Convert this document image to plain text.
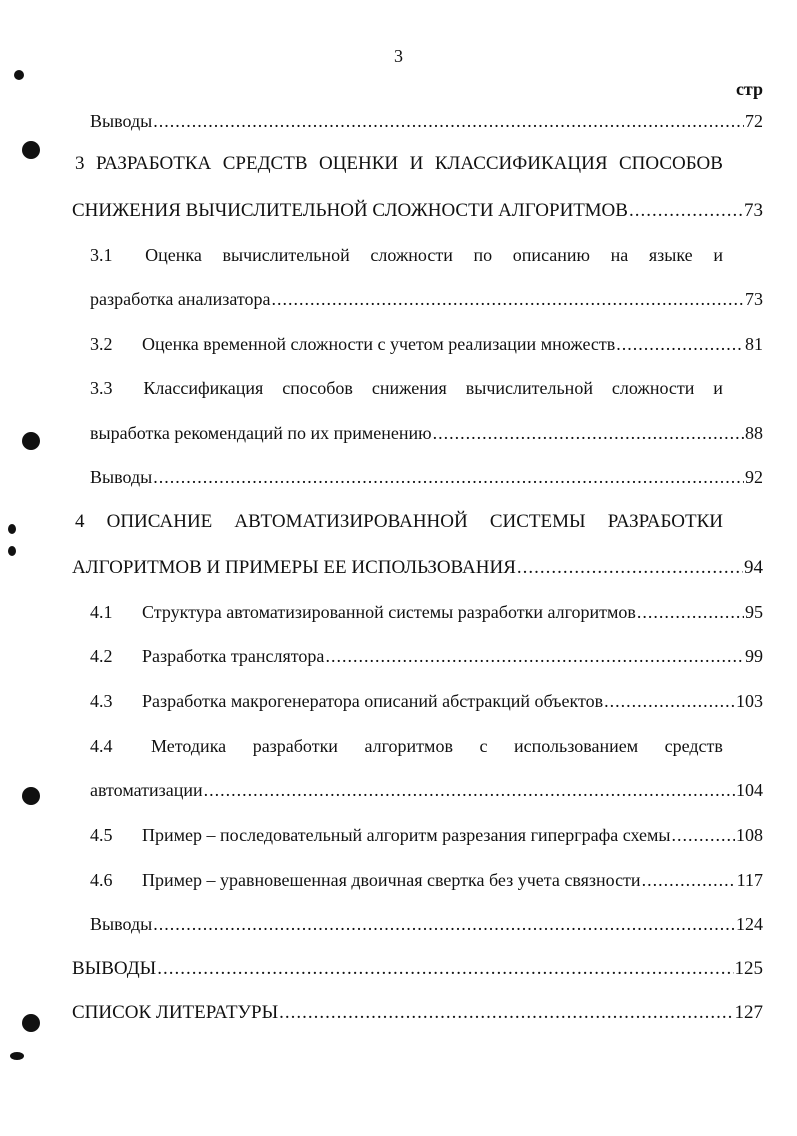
3
стр
Выводы .....	72
3 РАЗРАБОТКА СРЕДСТВ ОЦЕНКИ И КЛАССИФИКАЦИЯ СПОСОБОВ
СНИЖЕНИЯ ВЫЧИСЛИТЕЛЬНОЙ СЛОЖНОСТИ АЛГОРИТМОВ .....	73
3.1 Оценка вычислительной сложности по описанию на языке и
разработка анализатора .....	73
3.2	Оценка временной сложности с учетом реализации множеств .....	81
3.3 Классификация способов снижения вычислительной сложности и
выработка рекомендаций по их применению .....	88
Выводы .....	92
4 ОПИСАНИЕ АВТОМАТИЗИРОВАННОЙ СИСТЕМЫ РАЗРАБОТКИ
АЛГОРИТМОВ И ПРИМЕРЫ ЕЕ ИСПОЛЬЗОВАНИЯ .....	94
4.1	Структура автоматизированной системы разработки алгоритмов .....	95
4.2	Разработка транслятора .....	99
4.3	Разработка макрогенератора описаний абстракций объектов .....	103
4.4 Методика разработки алгоритмов с использованием средств
автоматизации .....	104
4.5	Пример – последовательный алгоритм разрезания гиперграфа схемы .....	108
4.6	Пример – уравновешенная двоичная свертка без учета связности .....	117
Выводы .....	124
ВЫВОДЫ .....	125
СПИСОК ЛИТЕРАТУРЫ .....	127
